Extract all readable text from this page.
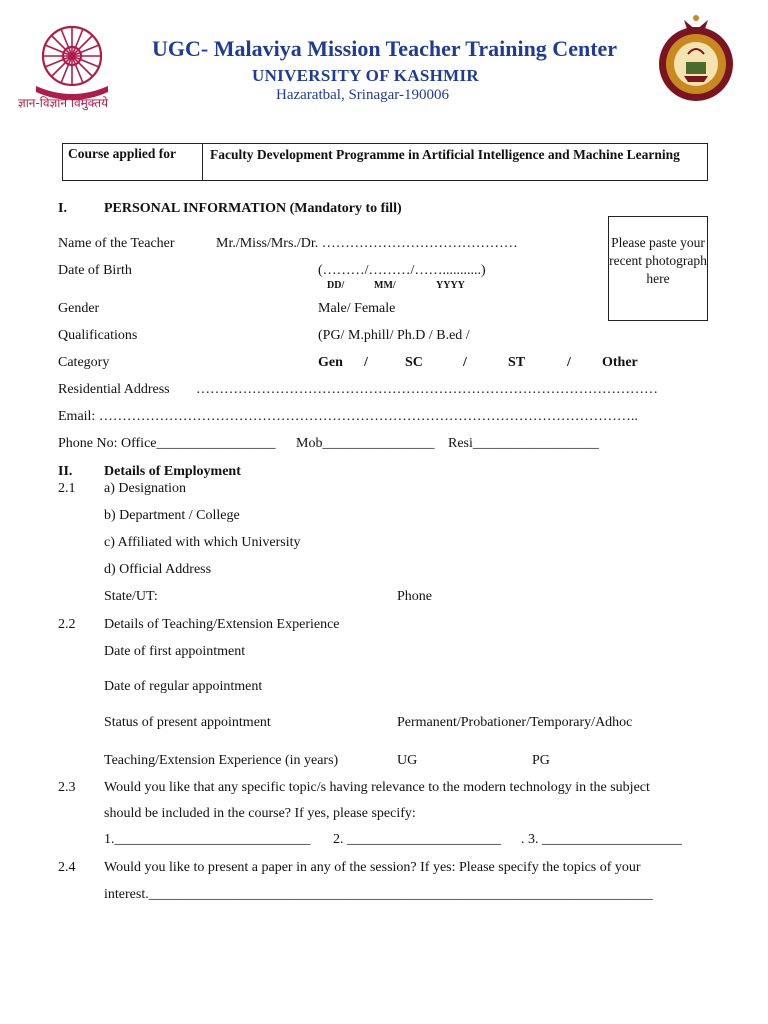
ज्ञान-विज्ञानं विमुक्तये
UGC- Malaviya Mission Teacher Training Center
UNIVERSITY OF KASHMIR
Hazaratbal, Srinagar-190006
Course applied for	Faculty Development Programme in Artificial Intelligence and Machine Learning
I.	PERSONAL INFORMATION (Mandatory to fill)
Please paste your recent photograph here
Name of the Teacher	Mr./Miss/Mrs./Dr. ……………………………………
Date of Birth	(………/………/……...........)
DD/	MM/	YYYY
Gender	Male/ Female
Qualifications	(PG/ M.phill/ Ph.D / B.ed /
Category	Gen /	SC	/	ST	/ Other
Residential Address ………………………………………………………………………………………
Email: ……………………………………………………………………………………………………..
Phone No: Office_________________ Mob________________ Resi__________________
II. Details of Employment
2.1 a) Designation
b) Department / College
c) Affiliated with which University
d) Official Address
State/UT:	Phone
2.2 Details of Teaching/Extension Experience
Date of first appointment
Date of regular appointment
Status of present appointment	Permanent/Probationer/Temporary/Adhoc
Teaching/Extension Experience (in years)	UG	PG
2.3 Would you like that any specific topic/s having relevance to the modern technology in the subject
should be included in the course? If yes, please specify:
1.____________________________ 2. ______________________ . 3. ____________________
2.4 Would you like to present a paper in any of the session? If yes: Please specify the topics of your
interest.________________________________________________________________________
